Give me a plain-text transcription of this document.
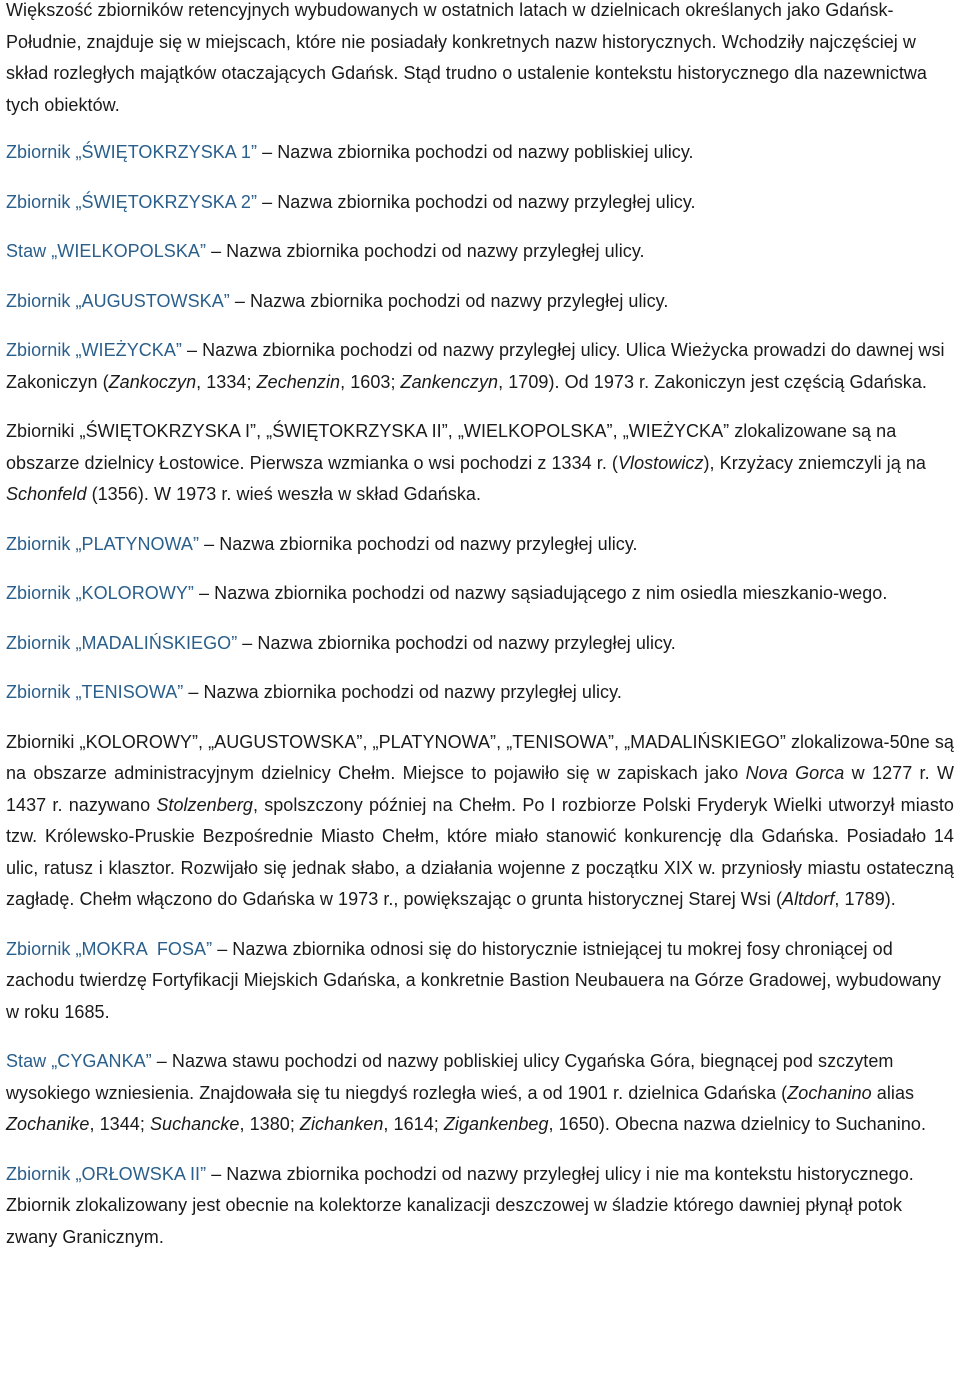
Większość zbiorników retencyjnych wybudowanych w ostatnich latach w dzielnicach określanych jako Gdańsk-Południe, znajduje się w miejscach, które nie posiadały konkretnych nazw historycznych. Wchodziły najczęściej w skład rozległych majątków otaczających Gdańsk. Stąd trudno o ustalenie kontekstu historycznego dla nazewnictwa tych obiektów.

Zbiornik „ŚWIĘTOKRZYSKA 1” – Nazwa zbiornika pochodzi od nazwy pobliskiej ulicy.

Zbiornik „ŚWIĘTOKRZYSKA 2” – Nazwa zbiornika pochodzi od nazwy przyległej ulicy.

Staw „WIELKOPOLSKA” – Nazwa zbiornika pochodzi od nazwy przyległej ulicy.

Zbiornik „AUGUSTOWSKA” – Nazwa zbiornika pochodzi od nazwy przyległej ulicy.

Zbiornik „WIEŻYCKA” – Nazwa zbiornika pochodzi od nazwy przyległej ulicy. Ulica Wieżycka prowadzi do dawnej wsi Zakoniczyn (Zankoczyn, 1334; Zechenzin, 1603; Zankenczyn, 1709). Od 1973 r. Zakoniczyn jest częścią Gdańska.

Zbiorniki „ŚWIĘTOKRZYSKA I”, „ŚWIĘTOKRZYSKA II”, „WIELKOPOLSKA”, „WIEŻYCKA” zlokalizowane są na obszarze dzielnicy Łostowice. Pierwsza wzmianka o wsi pochodzi z 1334 r. (Vlostowicz), Krzyżacy zniemczyli ją na Schonfeld (1356). W 1973 r. wieś weszła w skład Gdańska.

Zbiornik „PLATYNOWA” – Nazwa zbiornika pochodzi od nazwy przyległej ulicy.

Zbiornik „KOLOROWY” – Nazwa zbiornika pochodzi od nazwy sąsiadującego z nim osiedla mieszkanio-wego.

Zbiornik „MADALIŃSKIEGO” – Nazwa zbiornika pochodzi od nazwy przyległej ulicy.

Zbiornik „TENISOWA” – Nazwa zbiornika pochodzi od nazwy przyległej ulicy.

Zbiorniki „KOLOROWY”, „AUGUSTOWSKA”, „PLATYNOWA”, „TENISOWA”, „MADALIŃSKIEGO” zlokalizowa-50ne są na obszarze administracyjnym dzielnicy Chełm. Miejsce to pojawiło się w zapiskach jako Nova Gorca w 1277 r. W 1437 r. nazywano Stolzenberg, spolszczony później na Chełm. Po I rozbiorze Polski Fryderyk Wielki utworzył miasto tzw. Królewsko-Pruskie Bezpośrednie Miasto Chełm, które miało stanowić konkurencję dla Gdańska. Posiadało 14 ulic, ratusz i klasztor. Rozwijało się jednak słabo, a działania wojenne z początku XIX w. przyniosły miastu ostateczną zagładę. Chełm włączono do Gdańska w 1973 r., powiększając o grunta historycznej Starej Wsi (Altdorf, 1789).

Zbiornik „MOKRA  FOSA” – Nazwa zbiornika odnosi się do historycznie istniejącej tu mokrej fosy chroniącej od zachodu twierdzę Fortyfikacji Miejskich Gdańska, a konkretnie Bastion Neubauera na Górze Gradowej, wybudowany w roku 1685.

Staw „CYGANKA” – Nazwa stawu pochodzi od nazwy pobliskiej ulicy Cygańska Góra, biegnącej pod szczytem wysokiego wzniesienia. Znajdowała się tu niegdyś rozległa wieś, a od 1901 r. dzielnica Gdańska (Zochanino alias Zochanike, 1344; Suchancke, 1380; Zichanken, 1614; Zigankenbeg, 1650). Obecna nazwa dzielnicy to Suchanino.

Zbiornik „ORŁOWSKA II” – Nazwa zbiornika pochodzi od nazwy przyległej ulicy i nie ma kontekstu historycznego. Zbiornik zlokalizowany jest obecnie na kolektorze kanalizacji deszczowej w śladzie którego dawniej płynął potok zwany Granicznym.
